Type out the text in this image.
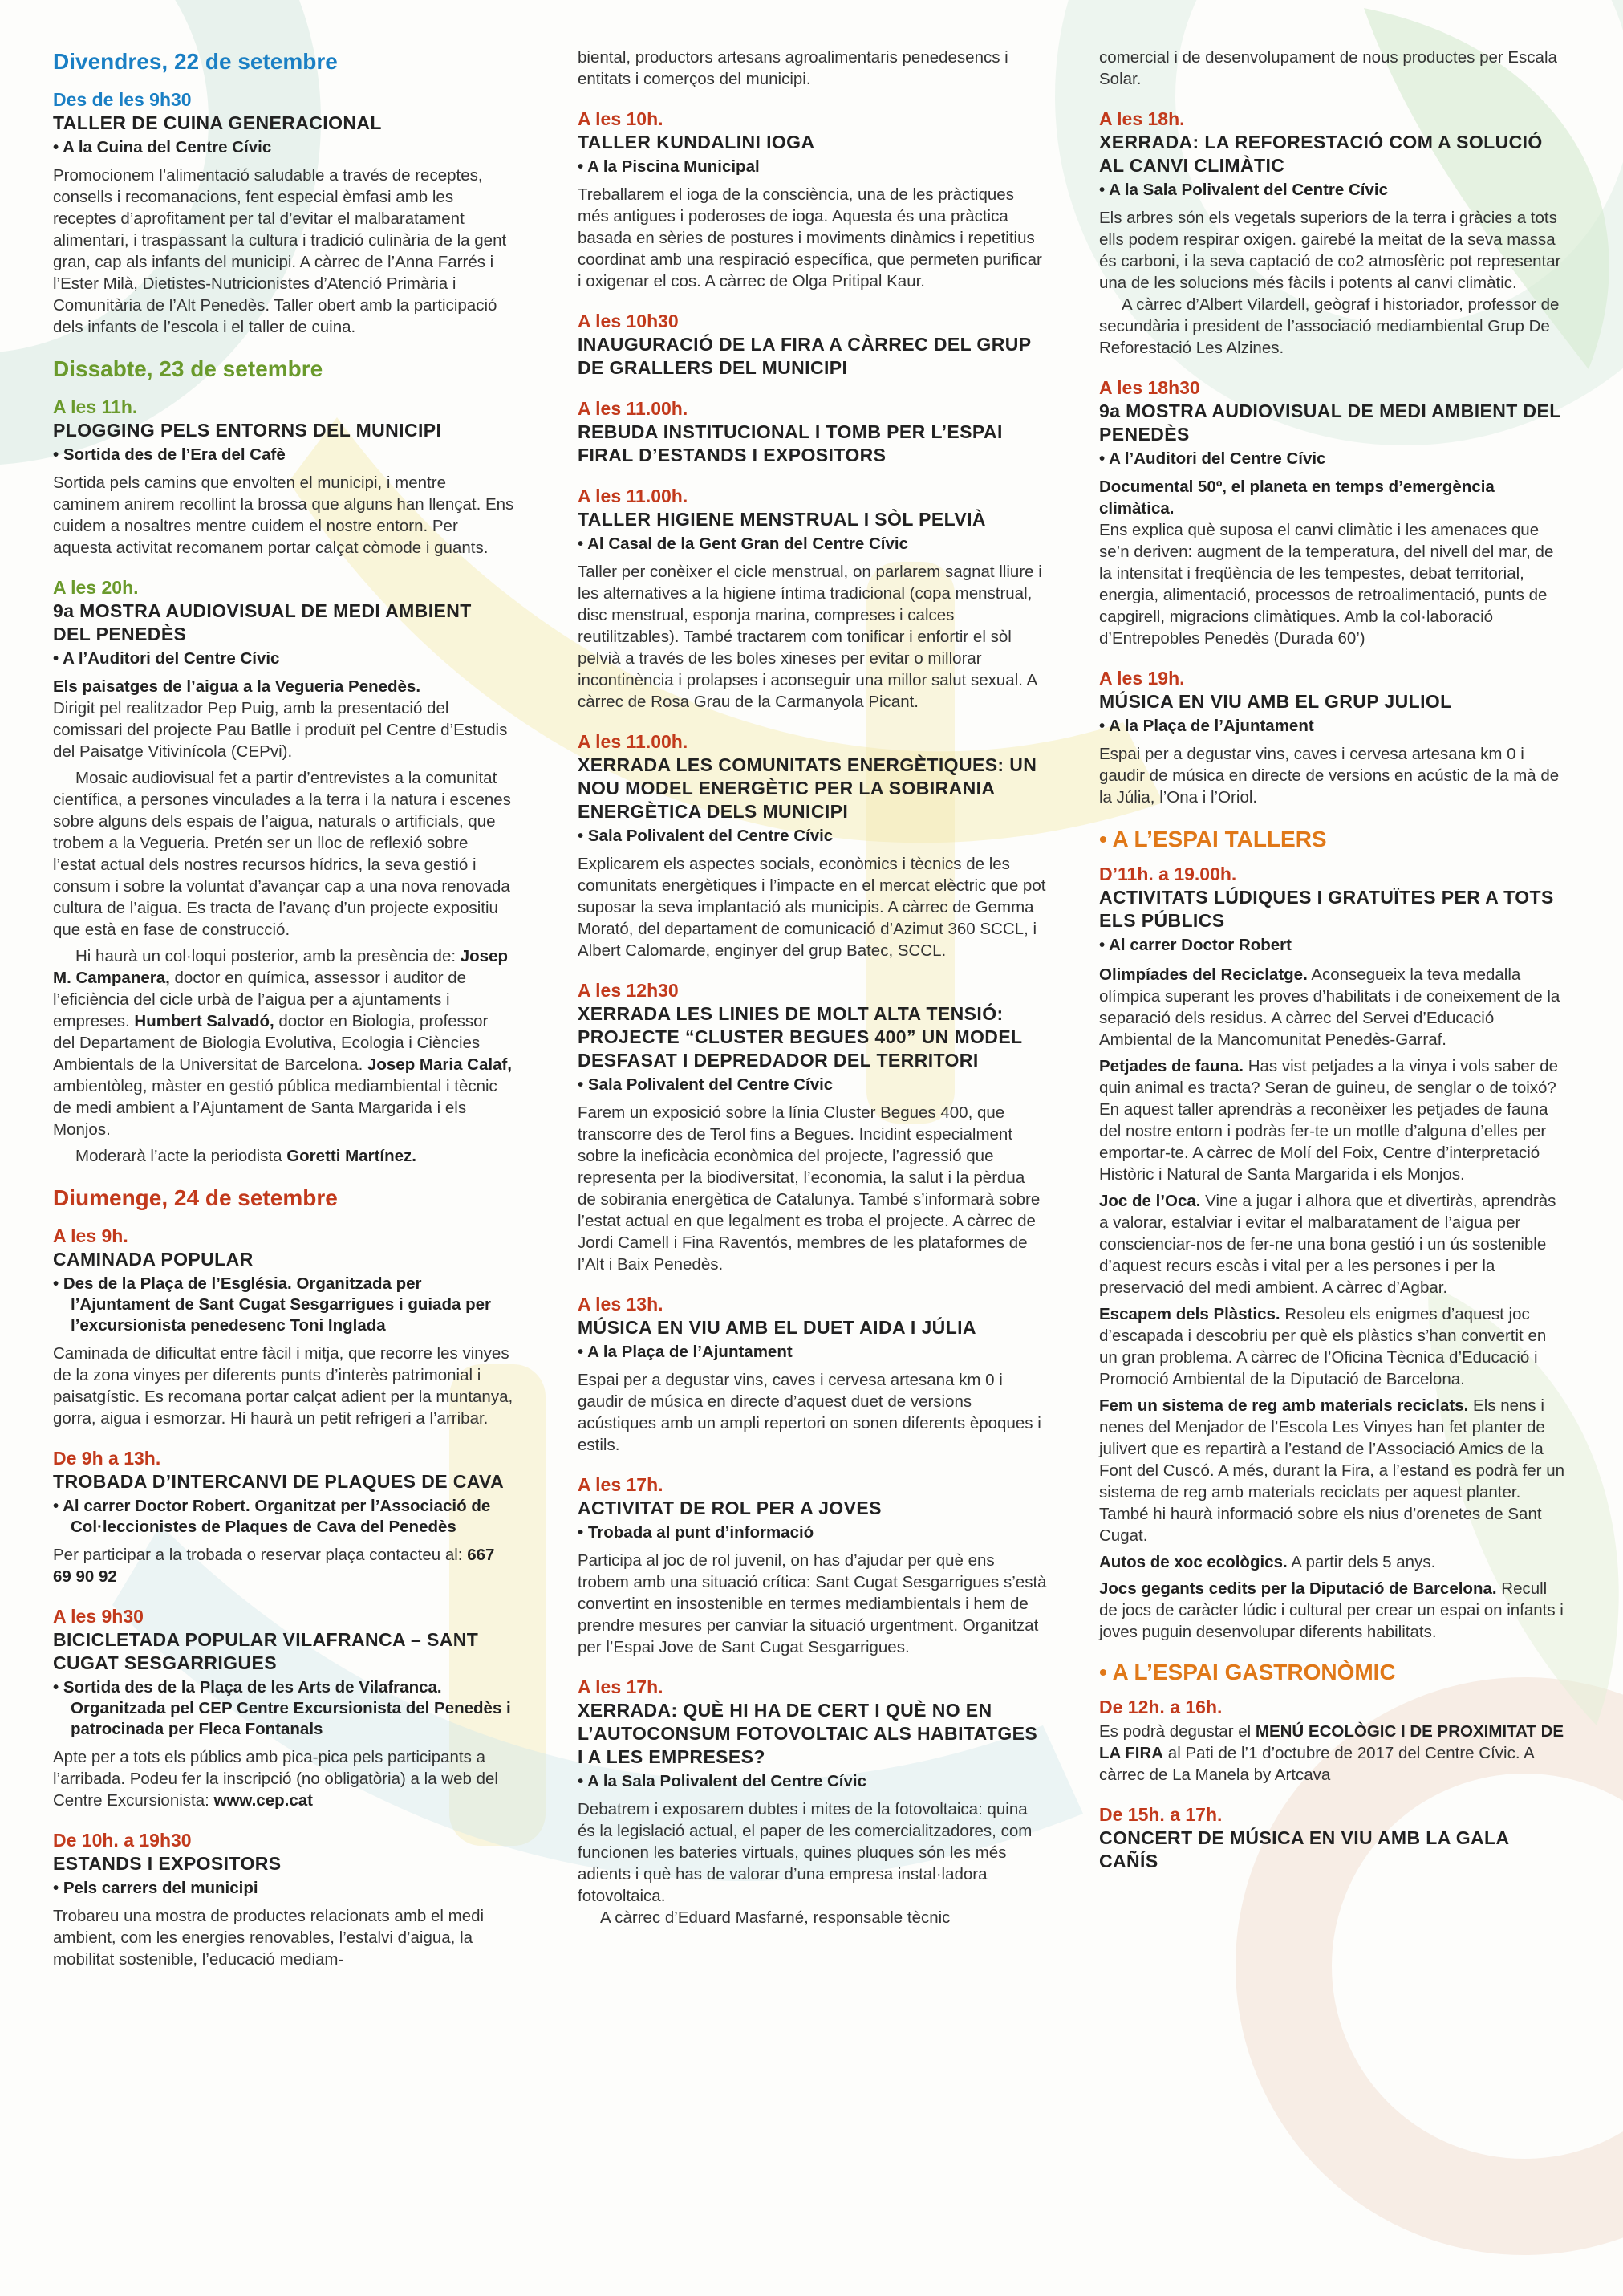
Divendres, 22 de setembre
Des de les 9h30
TALLER DE CUINA GENERACIONAL
• A la Cuina del Centre Cívic
Promocionem l’alimentació saludable a través de receptes, consells i recomanacions, fent especial èmfasi amb les receptes d’aprofitament per tal d’evitar el malbaratament alimentari, i traspassant la cultura i tradició culinària de la gent gran, cap als infants del municipi. A càrrec de l’Anna Farrés i l’Ester Milà, Dietistes-Nutricionistes d’Atenció Primària i Comunitària de l’Alt Penedès. Taller obert amb la participació dels infants de l’escola i el taller de cuina.
Dissabte, 23 de setembre
A les 11h.
PLOGGING PELS ENTORNS DEL MUNICIPI
• Sortida des de l’Era del Cafè
Sortida pels camins que envolten el municipi, i mentre caminem anirem recollint la brossa que alguns han llençat. Ens cuidem a nosaltres mentre cuidem el nostre entorn. Per aquesta activitat recomanem portar calçat còmode i guants.
A les 20h.
9a MOSTRA AUDIOVISUAL DE MEDI AMBIENT DEL PENEDÈS
• A l’Auditori del Centre Cívic
Els paisatges de l’aigua a la Vegueria Penedès.
Dirigit pel realitzador Pep Puig, amb la presentació del comissari del projecte Pau Batlle i produït pel Centre d’Estudis del Paisatge Vitivinícola (CEPvi).
Mosaic audiovisual fet a partir d’entrevistes a la comunitat científica, a persones vinculades a la terra i la natura i escenes sobre alguns dels espais de l’aigua, naturals o artificials, que trobem a la Vegueria. Pretén ser un lloc de reflexió sobre l’estat actual dels nostres recursos hídrics, la seva gestió i consum i sobre la voluntat d’avançar cap a una nova renovada cultura de l’aigua. Es tracta de l’avanç d’un projecte expositiu que està en fase de construcció.
Hi haurà un col·loqui posterior, amb la presència de: Josep M. Campanera, doctor en química, assessor i auditor de l’eficiència del cicle urbà de l’aigua per a ajuntaments i empreses. Humbert Salvadó, doctor en Biologia, professor del Departament de Biologia Evolutiva, Ecologia i Ciències Ambientals de la Universitat de Barcelona. Josep Maria Calaf, ambientòleg, màster en gestió pública mediambiental i tècnic de medi ambient a l’Ajuntament de Santa Margarida i els Monjos.
Moderarà l’acte la periodista Goretti Martínez.
Diumenge, 24 de setembre
A les 9h.
CAMINADA POPULAR
• Des de la Plaça de l’Església. Organitzada per l’Ajuntament de Sant Cugat Sesgarrigues i guiada per l’excursionista penedesenc Toni Inglada
Caminada de dificultat entre fàcil i mitja, que recorre les vinyes de la zona vinyes per diferents punts d’interès patrimonial i paisatgístic. Es recomana portar calçat adient per la muntanya, gorra, aigua i esmorzar. Hi haurà un petit refrigeri a l’arribar.
De 9h a 13h.
TROBADA D’INTERCANVI DE PLAQUES DE CAVA
• Al carrer Doctor Robert. Organitzat per l’Associació de Col·leccionistes de Plaques de Cava del Penedès
Per participar a la trobada o reservar plaça contacteu al: 667 69 90 92
A les 9h30
BICICLETADA POPULAR VILAFRANCA – SANT CUGAT SESGARRIGUES
• Sortida des de la Plaça de les Arts de Vilafranca. Organitzada pel CEP Centre Excursionista del Penedès i patrocinada per Fleca Fontanals
Apte per a tots els públics amb pica-pica pels participants a l’arribada. Podeu fer la inscripció (no obligatòria) a la web del Centre Excursionista: www.cep.cat
De 10h. a 19h30
ESTANDS I EXPOSITORS
• Pels carrers del municipi
Trobareu una mostra de productes relacionats amb el medi ambient, com les energies renovables, l’estalvi d’aigua, la mobilitat sostenible, l’educació mediam-
biental, productors artesans agroalimentaris penedesencs i entitats i comerços del municipi.
A les 10h.
TALLER KUNDALINI IOGA
• A la Piscina Municipal
Treballarem el ioga de la consciència, una de les pràctiques més antigues i poderoses de ioga. Aquesta és una pràctica basada en sèries de postures i moviments dinàmics i repetitius coordinat amb una respiració específica, que permeten purificar i oxigenar el cos. A càrrec de Olga Pritipal Kaur.
A les 10h30
INAUGURACIÓ DE LA FIRA A CÀRREC DEL GRUP DE GRALLERS DEL MUNICIPI
A les 11.00h.
REBUDA INSTITUCIONAL I TOMB PER L’ESPAI FIRAL D’ESTANDS I EXPOSITORS
A les 11.00h.
TALLER HIGIENE MENSTRUAL I SÒL PELVIÀ
• Al Casal de la Gent Gran del Centre Cívic
Taller per conèixer el cicle menstrual, on parlarem sagnat lliure i les alternatives a la higiene íntima tradicional (copa menstrual, disc menstrual, esponja marina, compreses i calces reutilitzables). També tractarem com tonificar i enfortir el sòl pelvià a través de les boles xineses per evitar o millorar incontinència i prolapses i aconseguir una millor salut sexual. A càrrec de Rosa Grau de la Carmanyola Picant.
A les 11.00h.
XERRADA LES COMUNITATS ENERGÈTIQUES: UN NOU MODEL ENERGÈTIC PER LA SOBIRANIA ENERGÈTICA DELS MUNICIPI
• Sala Polivalent del Centre Cívic
Explicarem els aspectes socials, econòmics i tècnics de les comunitats energètiques i l’impacte en el mercat elèctric que pot suposar la seva implantació als municipis. A càrrec de Gemma Morató, del departament de comunicació d’Azimut 360 SCCL, i Albert Calomarde, enginyer del grup Batec, SCCL.
A les 12h30
XERRADA LES LINIES DE MOLT ALTA TENSIÓ: PROJECTE “CLUSTER BEGUES 400” UN MODEL DESFASAT I DEPREDADOR DEL TERRITORI
• Sala Polivalent del Centre Cívic
Farem un exposició sobre la línia Cluster Begues 400, que transcorre des de Terol fins a Begues. Incidint especialment sobre la ineficàcia econòmica del projecte, l’agressió que representa per la biodiversitat, l’economia, la salut i la pèrdua de sobirania energètica de Catalunya. També s’informarà sobre l’estat actual en que legalment es troba el projecte. A càrrec de Jordi Camell i Fina Raventós, membres de les plataformes de l’Alt i Baix Penedès.
A les 13h.
MÚSICA EN VIU AMB EL DUET AIDA I JÚLIA
• A la Plaça de l’Ajuntament
Espai per a degustar vins, caves i cervesa artesana km 0 i gaudir de música en directe d’aquest duet de versions acústiques amb un ampli repertori on sonen diferents èpoques i estils.
A les 17h.
ACTIVITAT DE ROL PER A JOVES
• Trobada al punt d’informació
Participa al joc de rol juvenil, on has d’ajudar per què ens trobem amb una situació crítica: Sant Cugat Sesgarrigues s’està convertint en insostenible en termes mediambientals i hem de prendre mesures per canviar la situació urgentment. Organitzat per l’Espai Jove de Sant Cugat Sesgarrigues.
A les 17h.
XERRADA: QUÈ HI HA DE CERT I QUÈ NO EN L’AUTOCONSUM FOTOVOLTAIC ALS HABITATGES I A LES EMPRESES?
• A la Sala Polivalent del Centre Cívic
Debatrem i exposarem dubtes i mites de la fotovoltaica: quina és la legislació actual, el paper de les comercialitzadores, com funcionen les bateries virtuals, quines pluques són les més adients i què has de valorar d’una empresa instal·ladora fotovoltaica.
A càrrec d’Eduard Masfarné, responsable tècnic
comercial i de desenvolupament de nous productes per Escala Solar.
A les 18h.
XERRADA: LA REFORESTACIÓ COM A SOLUCIÓ AL CANVI CLIMÀTIC
• A la Sala Polivalent del Centre Cívic
Els arbres són els vegetals superiors de la terra i gràcies a tots ells podem respirar oxigen. gairebé la meitat de la seva massa és carboni, i la seva captació de co2 atmosfèric pot representar una de les solucions més fàcils i potents al canvi climàtic.
A càrrec d’Albert Vilardell, geògraf i historiador, professor de secundària i president de l’associació mediambiental Grup De Reforestació Les Alzines.
A les 18h30
9a MOSTRA AUDIOVISUAL DE MEDI AMBIENT DEL PENEDÈS
• A l’Auditori del Centre Cívic
Documental 50º, el planeta en temps d’emergència climàtica.
Ens explica què suposa el canvi climàtic i les amenaces que se’n deriven: augment de la temperatura, del nivell del mar, de la intensitat i freqüència de les tempestes, debat territorial, energia, alimentació, processos de retroalimentació, punts de capgirell, migracions climàtiques. Amb la col·laboració d’Entrepobles Penedès (Durada 60’)
A les 19h.
MÚSICA EN VIU AMB EL GRUP JULIOL
• A la Plaça de l’Ajuntament
Espai per a degustar vins, caves i cervesa artesana km 0 i gaudir de música en directe de versions en acústic de la mà de la Júlia, l’Ona i l’Oriol.
• A L’ESPAI TALLERS
D’11h. a 19.00h.
ACTIVITATS LÚDIQUES I GRATUÏTES PER A TOTS ELS PÚBLICS
• Al carrer Doctor Robert
Olimpíades del Reciclatge. Aconsegueix la teva medalla olímpica superant les proves d’habilitats i de coneixement de la separació dels residus. A càrrec del Servei d’Educació Ambiental de la Mancomunitat Penedès-Garraf.
Petjades de fauna. Has vist petjades a la vinya i vols saber de quin animal es tracta? Seran de guineu, de senglar o de toixó? En aquest taller aprendràs a reconèixer les petjades de fauna del nostre entorn i podràs fer-te un motlle d’alguna d’elles per emportar-te. A càrrec de Molí del Foix, Centre d’interpretació Històric i Natural de Santa Margarida i els Monjos.
Joc de l’Oca. Vine a jugar i alhora que et divertiràs, aprendràs a valorar, estalviar i evitar el malbaratament de l’aigua per conscienciar-nos de fer-ne una bona gestió i un ús sostenible d’aquest recurs escàs i vital per a les persones i per la preservació del medi ambient. A càrrec d’Agbar.
Escapem dels Plàstics. Resoleu els enigmes d’aquest joc d’escapada i descobriu per què els plàstics s’han convertit en un gran problema. A càrrec de l’Oficina Tècnica d’Educació i Promoció Ambiental de la Diputació de Barcelona.
Fem un sistema de reg amb materials reciclats. Els nens i nenes del Menjador de l’Escola Les Vinyes han fet planter de julivert que es repartirà a l’estand de l’Associació Amics de la Font del Cuscó. A més, durant la Fira, a l’estand es podrà fer un sistema de reg amb materials reciclats per aquest planter. També hi haurà informació sobre els nius d’orenetes de Sant Cugat.
Autos de xoc ecològics. A partir dels 5 anys.
Jocs gegants cedits per la Diputació de Barcelona. Recull de jocs de caràcter lúdic i cultural per crear un espai on infants i joves puguin desenvolupar diferents habilitats.
• A L’ESPAI GASTRONÒMIC
De 12h. a 16h.
Es podrà degustar el MENÚ ECOLÒGIC I DE PROXIMITAT DE LA FIRA al Pati de l’1 d’octubre de 2017 del Centre Cívic. A càrrec de La Manela by Artcava
De 15h. a 17h.
CONCERT DE MÚSICA EN VIU AMB LA GALA CAÑÍS
